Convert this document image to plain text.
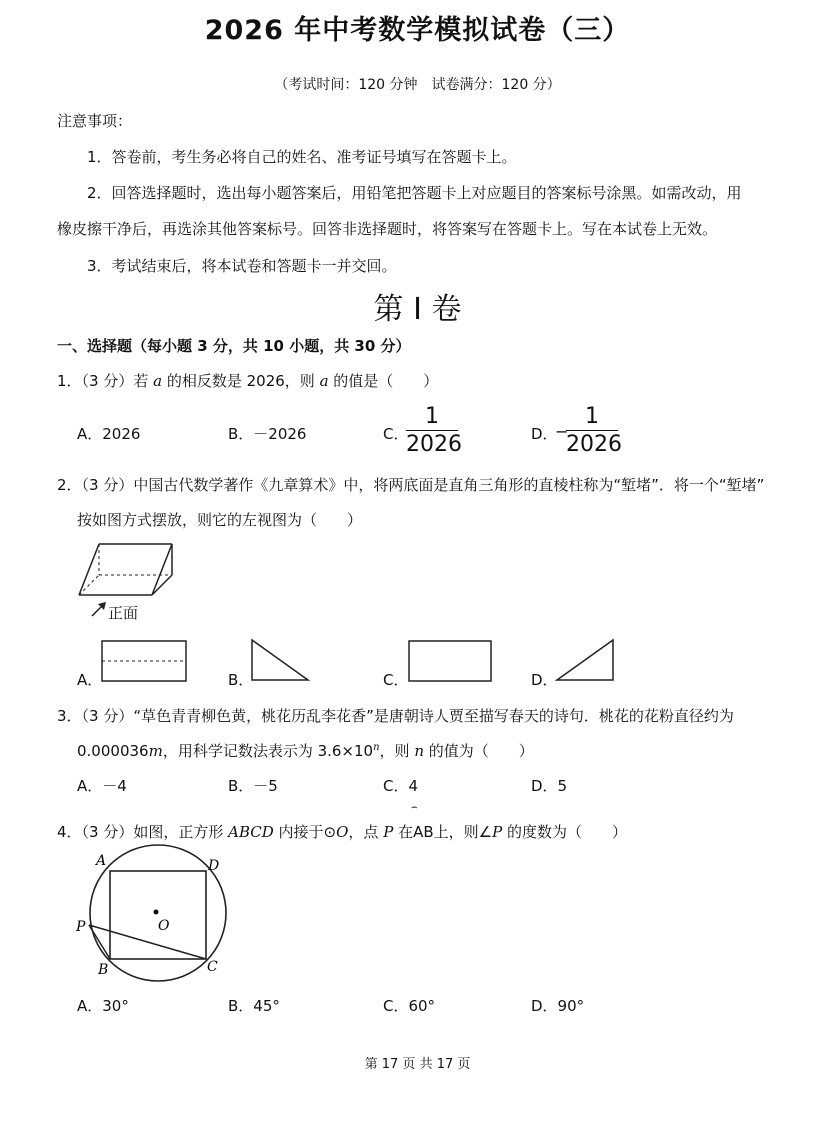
2026 年中考数学模拟试卷（三）
（考试时间：120 分钟　试卷满分：120 分）
注意事项：
1．答卷前，考生务必将自己的姓名、准考证号填写在答题卡上。
2．回答选择题时，选出每小题答案后，用铅笔把答题卡上对应题目的答案标号涂黑。如需改动，用
橡皮擦干净后，再选涂其他答案标号。回答非选择题时，将答案写在答题卡上。写在本试卷上无效。
3．考试结束后，将本试卷和答题卡一并交回。
第 I 卷
一、选择题（每小题 3 分，共 10 小题，共 30 分）
1．（3 分）若 a 的相反数是 2026，则 a 的值是（　　）
A．2026	B．－2026	C．
1
2026	D．
−
1
2026
2．（3 分）中国古代数学著作《九章算术》中，将两底面是直角三角形的直棱柱称为“堑堵”．将一个“堑堵”
按如图方式摆放，则它的左视图为（　　）
正面
A．	B．	C．	D．
3．（3 分）“草色青青柳色黄，桃花历乱李花香”是唐朝诗人贾至描写春天的诗句．桃花的花粉直径约为
0.000036m，用科学记数法表示为 $3.6\times 10^n$，则 n 的值为（　　）
A．－4	B．－5	C．4	D．5
⌢
4．（3 分）如图，正方形 ABCD 内接于⊙O，点 P 在AB上，则∠P 的度数为（　　）
A	D
P	O
B	C
A．30°	B．45°	C．60°	D．90°
第 17 页 共 17 页
